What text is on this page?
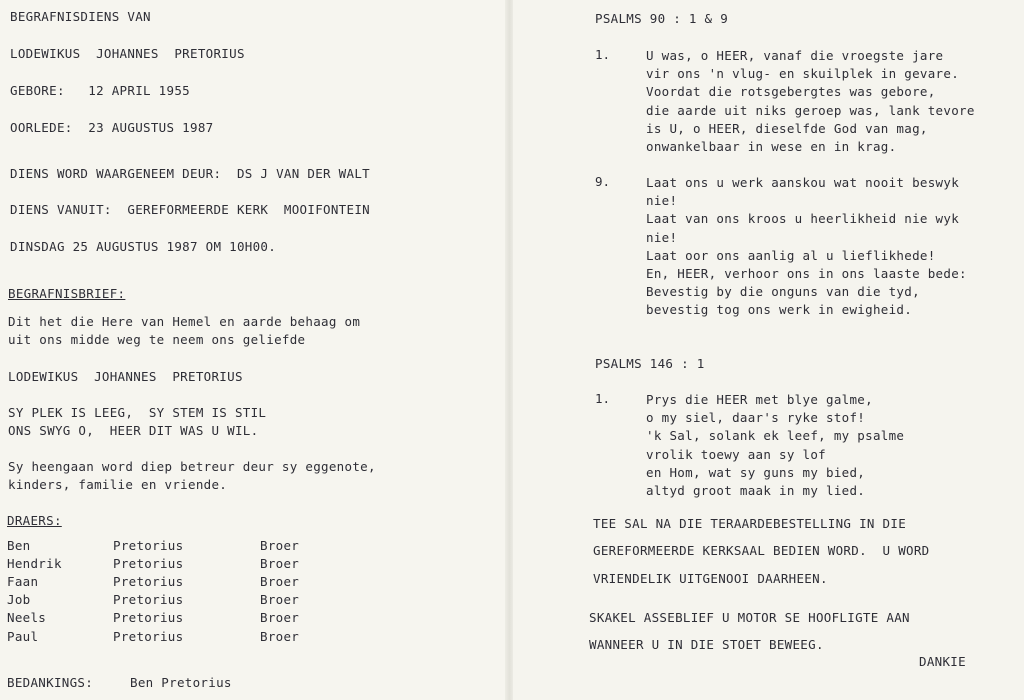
BEGRAFNISDIENS VAN
LODEWIKUS  JOHANNES  PRETORIUS
GEBORE:   12 APRIL 1955
OORLEDE:  23 AUGUSTUS 1987
DIENS WORD WAARGENEEM DEUR:  DS J VAN DER WALT
DIENS VANUIT:  GEREFORMEERDE KERK  MOOIFONTEIN
DINSDAG 25 AUGUSTUS 1987 OM 10H00.
BEGRAFNISBRIEF:
Dit het die Here van Hemel en aarde behaag om
uit ons midde weg te neem ons geliefde
LODEWIKUS  JOHANNES  PRETORIUS
SY PLEK IS LEEG,  SY STEM IS STIL
ONS SWYG O,  HEER DIT WAS U WIL.
Sy heengaan word diep betreur deur sy eggenote,
kinders, familie en vriende.
DRAERS:
Ben	Pretorius	Broer
Hendrik	Pretorius	Broer
Faan	Pretorius	Broer
Job	Pretorius	Broer
Neels	Pretorius	Broer
Paul	Pretorius	Broer
BEDANKINGS:	Ben Pretorius
PSALMS 90 : 1 & 9
1.	U was, o HEER, vanaf die vroegste jare
vir ons 'n vlug- en skuilplek in gevare.
Voordat die rotsgebergtes was gebore,
die aarde uit niks geroep was, lank tevore
is U, o HEER, dieselfde God van mag,
onwankelbaar in wese en in krag.
9.	Laat ons u werk aanskou wat nooit beswyk
nie!
Laat van ons kroos u heerlikheid nie wyk
nie!
Laat oor ons aanlig al u lieflikhede!
En, HEER, verhoor ons in ons laaste bede:
Bevestig by die onguns van die tyd,
bevestig tog ons werk in ewigheid.
PSALMS 146 : 1
1.	Prys die HEER met blye galme,
o my siel, daar's ryke stof!
'k Sal, solank ek leef, my psalme
vrolik toewy aan sy lof
en Hom, wat sy guns my bied,
altyd groot maak in my lied.
TEE SAL NA DIE TERAARDEBESTELLING IN DIE
GEREFORMEERDE KERKSAAL BEDIEN WORD.  U WORD
VRIENDELIK UITGENOOI DAARHEEN.
SKAKEL ASSEBLIEF U MOTOR SE HOOFLIGTE AAN
WANNEER U IN DIE STOET BEWEEG.
DANKIE
